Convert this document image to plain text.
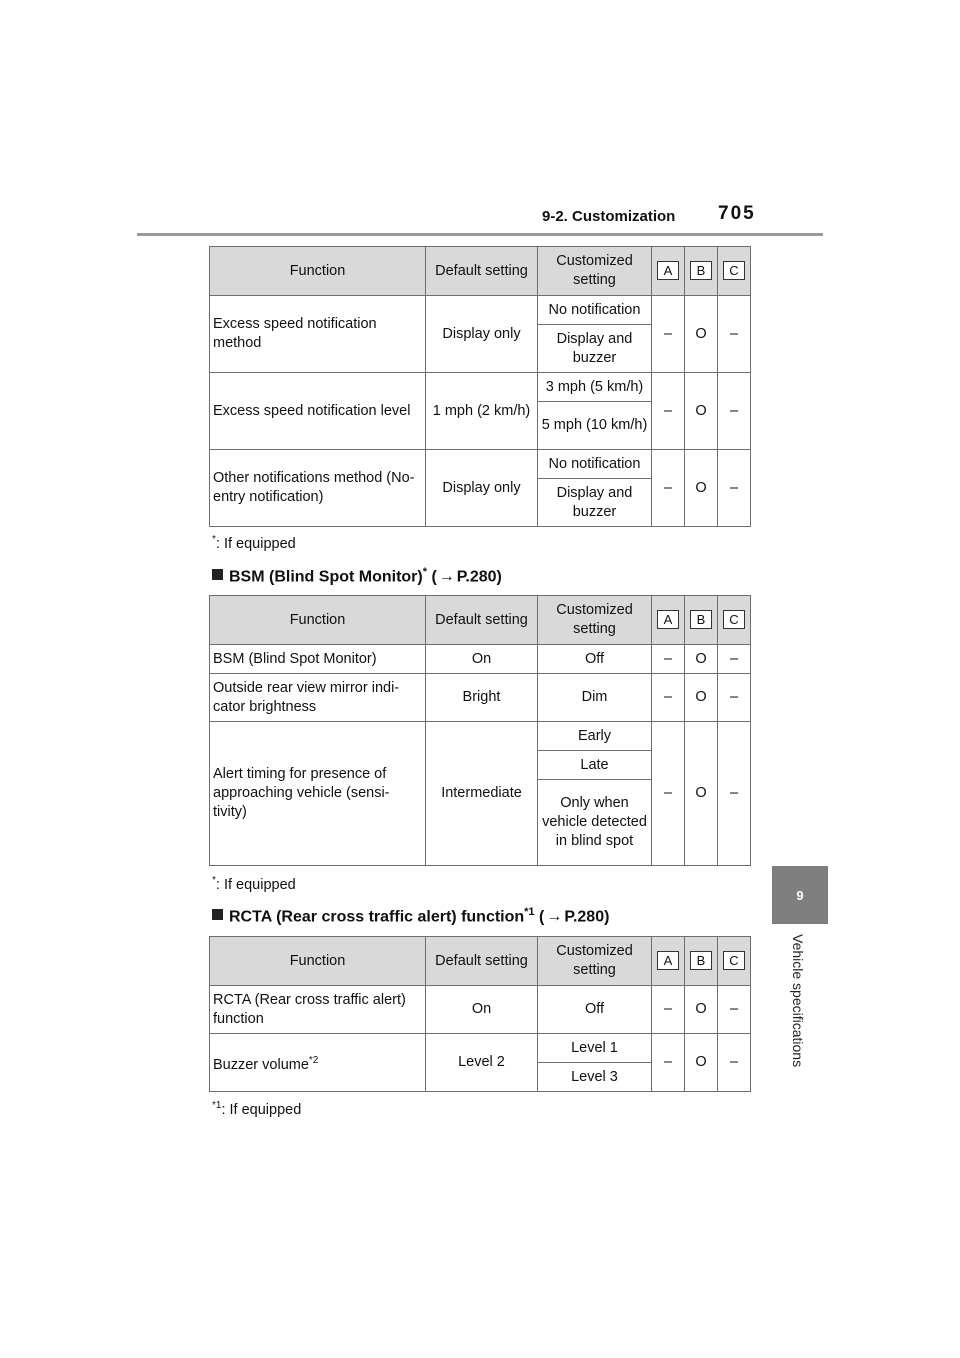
9-2. Customization 705
9
Vehicle specifications
Function	Default setting	Customized setting	A	B	C
Excess speed notification method	Display only	No notification	–	O	–
		Display and buzzer			
Excess speed notification level	1 mph (2 km/h)	3 mph (5 km/h)	–	O	–
		5 mph (10 km/h)			
Other notifications method (No-entry notification)	Display only	No notification	–	O	–
		Display and buzzer			
*: If equipped
BSM (Blind Spot Monitor)* ( → P.280)
Function	Default setting	Customized setting	A	B	C
BSM (Blind Spot Monitor)	On	Off	–	O	–
Outside rear view mirror indi-cator brightness	Bright	Dim	–	O	–
Alert timing for presence of approaching vehicle (sensi-tivity)	Intermediate	Early	–	O	–
		Late			
		Only when vehicle detected in blind spot			
*: If equipped
RCTA (Rear cross traffic alert) function$^{*1}$ ( → P.280)
Function	Default setting	Customized setting	A	B	C
RCTA (Rear cross traffic alert) function	On	Off	–	O	–
Buzzer volume$^{*2}$	Level 2	Level 1	–	O	–
		Level 3			
$^{*1}$: If equipped
